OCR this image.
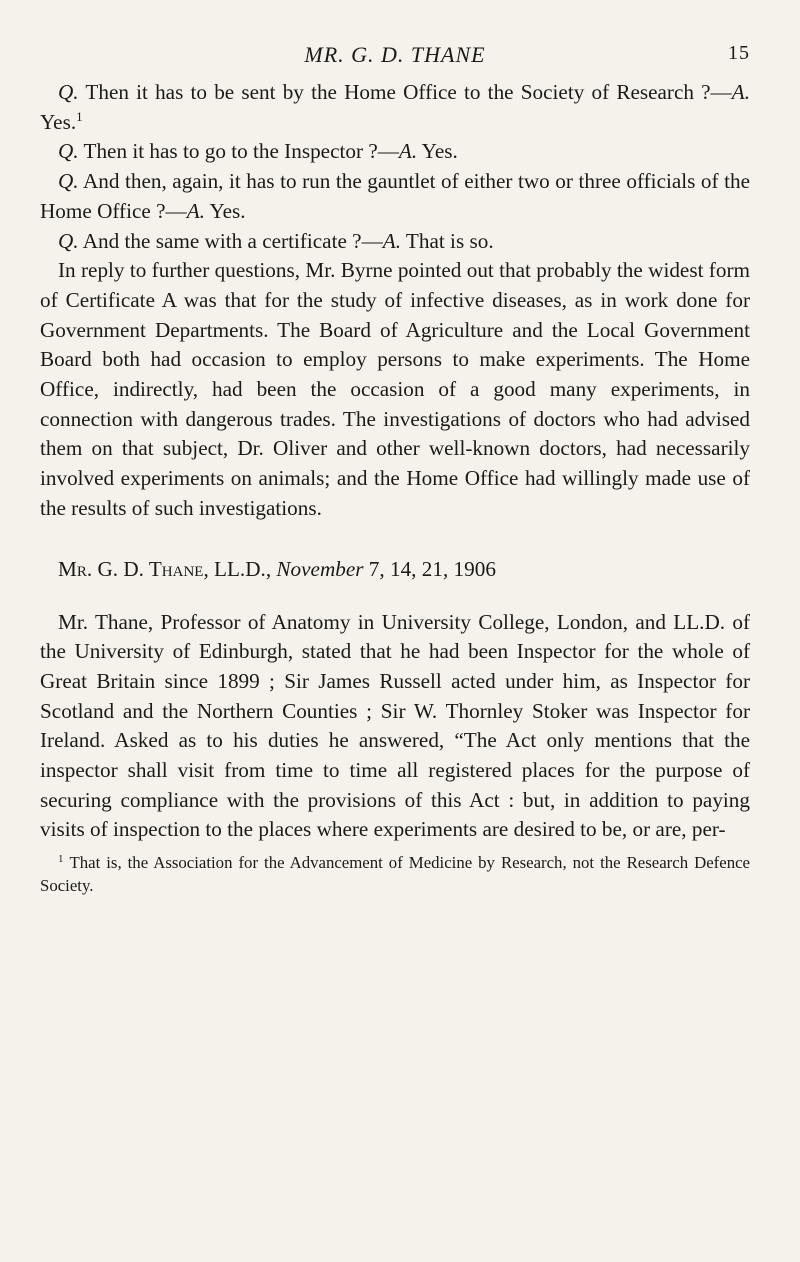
MR. G. D. THANE	15

Q. Then it has to be sent by the Home Office to the Society of Research ?—A. Yes.$^1$

Q. Then it has to go to the Inspector ?—A. Yes.

Q. And then, again, it has to run the gauntlet of either two or three officials of the Home Office ?—A. Yes.

Q. And the same with a certificate ?—A. That is so.

In reply to further questions, Mr. Byrne pointed out that probably the widest form of Certificate A was that for the study of infective diseases, as in work done for Government Departments. The Board of Agriculture and the Local Government Board both had occasion to employ persons to make experiments. The Home Office, indirectly, had been the occasion of a good many experiments, in connection with dangerous trades. The investigations of doctors who had advised them on that subject, Dr. Oliver and other well-known doctors, had necessarily involved experiments on animals; and the Home Office had willingly made use of the results of such investigations.

Mr. G. D. Thane, LL.D., November 7, 14, 21, 1906

Mr. Thane, Professor of Anatomy in University College, London, and LL.D. of the University of Edinburgh, stated that he had been Inspector for the whole of Great Britain since 1899 ; Sir James Russell acted under him, as Inspector for Scotland and the Northern Counties ; Sir W. Thornley Stoker was Inspector for Ireland. Asked as to his duties he answered, “The Act only mentions that the inspector shall visit from time to time all registered places for the purpose of securing compliance with the provisions of this Act : but, in addition to paying visits of inspection to the places where experiments are desired to be, or are, per-

$^1$ That is, the Association for the Advancement of Medicine by Research, not the Research Defence Society.
